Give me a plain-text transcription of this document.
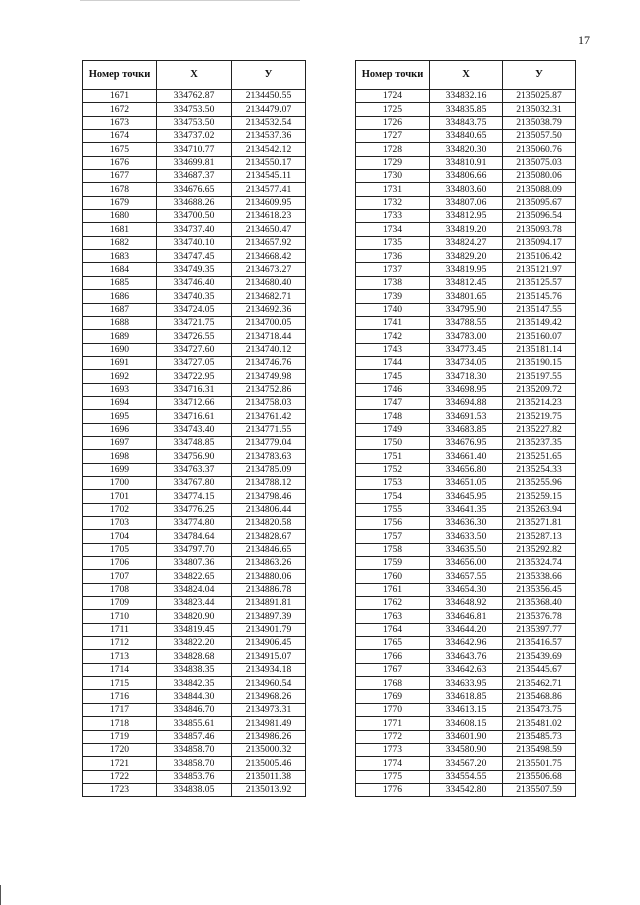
17
Номер точки	X	У
1671	334762.87	2134450.55
1672	334753.50	2134479.07
1673	334753.50	2134532.54
1674	334737.02	2134537.36
1675	334710.77	2134542.12
1676	334699.81	2134550.17
1677	334687.37	2134545.11
1678	334676.65	2134577.41
1679	334688.26	2134609.95
1680	334700.50	2134618.23
1681	334737.40	2134650.47
1682	334740.10	2134657.92
1683	334747.45	2134668.42
1684	334749.35	2134673.27
1685	334746.40	2134680.40
1686	334740.35	2134682.71
1687	334724.05	2134692.36
1688	334721.75	2134700.05
1689	334726.55	2134718.44
1690	334727.60	2134740.12
1691	334727.05	2134746.76
1692	334722.95	2134749.98
1693	334716.31	2134752.86
1694	334712.66	2134758.03
1695	334716.61	2134761.42
1696	334743.40	2134771.55
1697	334748.85	2134779.04
1698	334756.90	2134783.63
1699	334763.37	2134785.09
1700	334767.80	2134788.12
1701	334774.15	2134798.46
1702	334776.25	2134806.44
1703	334774.80	2134820.58
1704	334784.64	2134828.67
1705	334797.70	2134846.65
1706	334807.36	2134863.26
1707	334822.65	2134880.06
1708	334824.04	2134886.78
1709	334823.44	2134891.81
1710	334820.90	2134897.39
1711	334819.45	2134901.79
1712	334822.20	2134906.45
1713	334828.68	2134915.07
1714	334838.35	2134934.18
1715	334842.35	2134960.54
1716	334844.30	2134968.26
1717	334846.70	2134973.31
1718	334855.61	2134981.49
1719	334857.46	2134986.26
1720	334858.70	2135000.32
1721	334858.70	2135005.46
1722	334853.76	2135011.38
1723	334838.05	2135013.92
Номер точки	X	У
1724	334832.16	2135025.87
1725	334835.85	2135032.31
1726	334843.75	2135038.79
1727	334840.65	2135057.50
1728	334820.30	2135060.76
1729	334810.91	2135075.03
1730	334806.66	2135080.06
1731	334803.60	2135088.09
1732	334807.06	2135095.67
1733	334812.95	2135096.54
1734	334819.20	2135093.78
1735	334824.27	2135094.17
1736	334829.20	2135106.42
1737	334819.95	2135121.97
1738	334812.45	2135125.57
1739	334801.65	2135145.76
1740	334795.90	2135147.55
1741	334788.55	2135149.42
1742	334783.00	2135160.07
1743	334773.45	2135181.14
1744	334734.05	2135190.15
1745	334718.30	2135197.55
1746	334698.95	2135209.72
1747	334694.88	2135214.23
1748	334691.53	2135219.75
1749	334683.85	2135227.82
1750	334676.95	2135237.35
1751	334661.40	2135251.65
1752	334656.80	2135254.33
1753	334651.05	2135255.96
1754	334645.95	2135259.15
1755	334641.35	2135263.94
1756	334636.30	2135271.81
1757	334633.50	2135287.13
1758	334635.50	2135292.82
1759	334656.00	2135324.74
1760	334657.55	2135338.66
1761	334654.30	2135356.45
1762	334648.92	2135368.40
1763	334646.81	2135376.78
1764	334644.20	2135397.77
1765	334642.96	2135416.57
1766	334643.76	2135439.69
1767	334642.63	2135445.67
1768	334633.95	2135462.71
1769	334618.85	2135468.86
1770	334613.15	2135473.75
1771	334608.15	2135481.02
1772	334601.90	2135485.73
1773	334580.90	2135498.59
1774	334567.20	2135501.75
1775	334554.55	2135506.68
1776	334542.80	2135507.59
